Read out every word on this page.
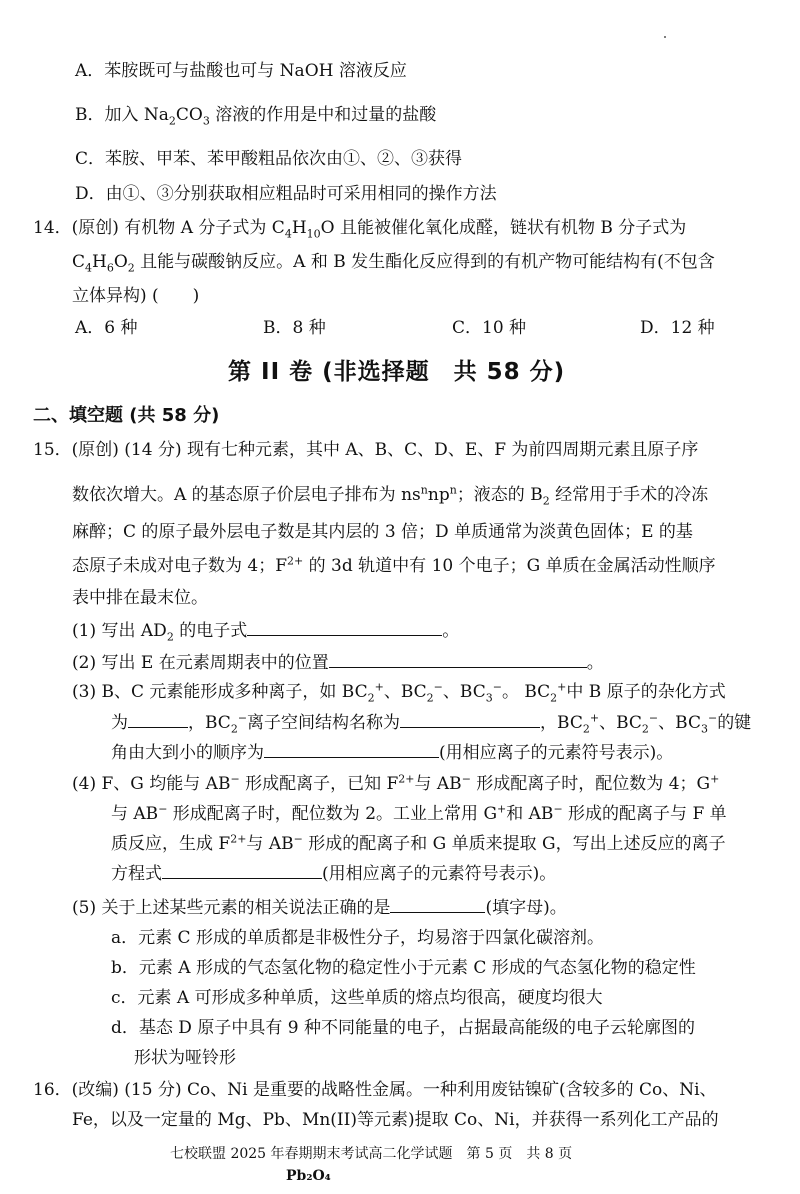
A．苯胺既可与盐酸也可与 NaOH 溶液反应
B．加入 $Na_2CO_3$ 溶液的作用是中和过量的盐酸
C．苯胺、甲苯、苯甲酸粗品依次由①、②、③获得
D．由①、③分别获取相应粗品时可采用相同的操作方法
14．(原创) 有机物 A 分子式为 $C_4H_{10}O$ 且能被催化氧化成醛，链状有机物 B 分子式为
$C_4H_6O_2$ 且能与碳酸钠反应。A 和 B 发生酯化反应得到的有机产物可能结构有(不包含
立体异构) (　　)
A．6 种	B．8 种	C．10 种	D．12 种
第 II 卷 (非选择题　共 58 分)
二、填空题 (共 58 分)
15．(原创) (14 分) 现有七种元素，其中 A、B、C、D、E、F 为前四周期元素且原子序
数依次增大。A 的基态原子价层电子排布为 $ns^nnp^n$；液态的 $B_2$ 经常用于手术的冷冻
麻醉；C 的原子最外层电子数是其内层的 3 倍；D 单质通常为淡黄色固体；E 的基
态原子未成对电子数为 4；$F^{2+}$ 的 3d 轨道中有 10 个电子；G 单质在金属活动性顺序
表中排在最末位。
(1) 写出 $AD_2$ 的电子式	。
(2) 写出 E 在元素周期表中的位置	。
(3) B、C 元素能形成多种离子，如 $BC_2^+$、$BC_2^-$、$BC_3^-$。 $BC_2^+$中 B 原子的杂化方式
为	，$BC_2^-$离子空间结构名称为	，$BC_2^+$、$BC_2^-$、$BC_3^-$的键
角由大到小的顺序为	(用相应离子的元素符号表示)。
(4) F、G 均能与 AB− 形成配离子，已知 $F^{2+}$与 AB− 形成配离子时，配位数为 4；G+
与 AB− 形成配离子时，配位数为 2。工业上常用 G+和 AB− 形成的配离子与 F 单
质反应，生成 $F^{2+}$与 AB− 形成的配离子和 G 单质来提取 G，写出上述反应的离子
方程式	(用相应离子的元素符号表示)。
(5) 关于上述某些元素的相关说法正确的是	(填字母)。
a．元素 C 形成的单质都是非极性分子，均易溶于四氯化碳溶剂。
b．元素 A 形成的气态氢化物的稳定性小于元素 C 形成的气态氢化物的稳定性
c．元素 A 可形成多种单质，这些单质的熔点均很高，硬度均很大
d．基态 D 原子中具有 9 种不同能量的电子，占据最高能级的电子云轮廓图的
形状为哑铃形
16．(改编) (15 分) Co、Ni 是重要的战略性金属。一种利用废钴镍矿(含较多的 Co、Ni、
Fe，以及一定量的 Mg、Pb、Mn(II)等元素)提取 Co、Ni，并获得一系列化工产品的
七校联盟 2025 年春期期末考试高二化学试题　第 5 页　共 8 页
Pb₂O₄
